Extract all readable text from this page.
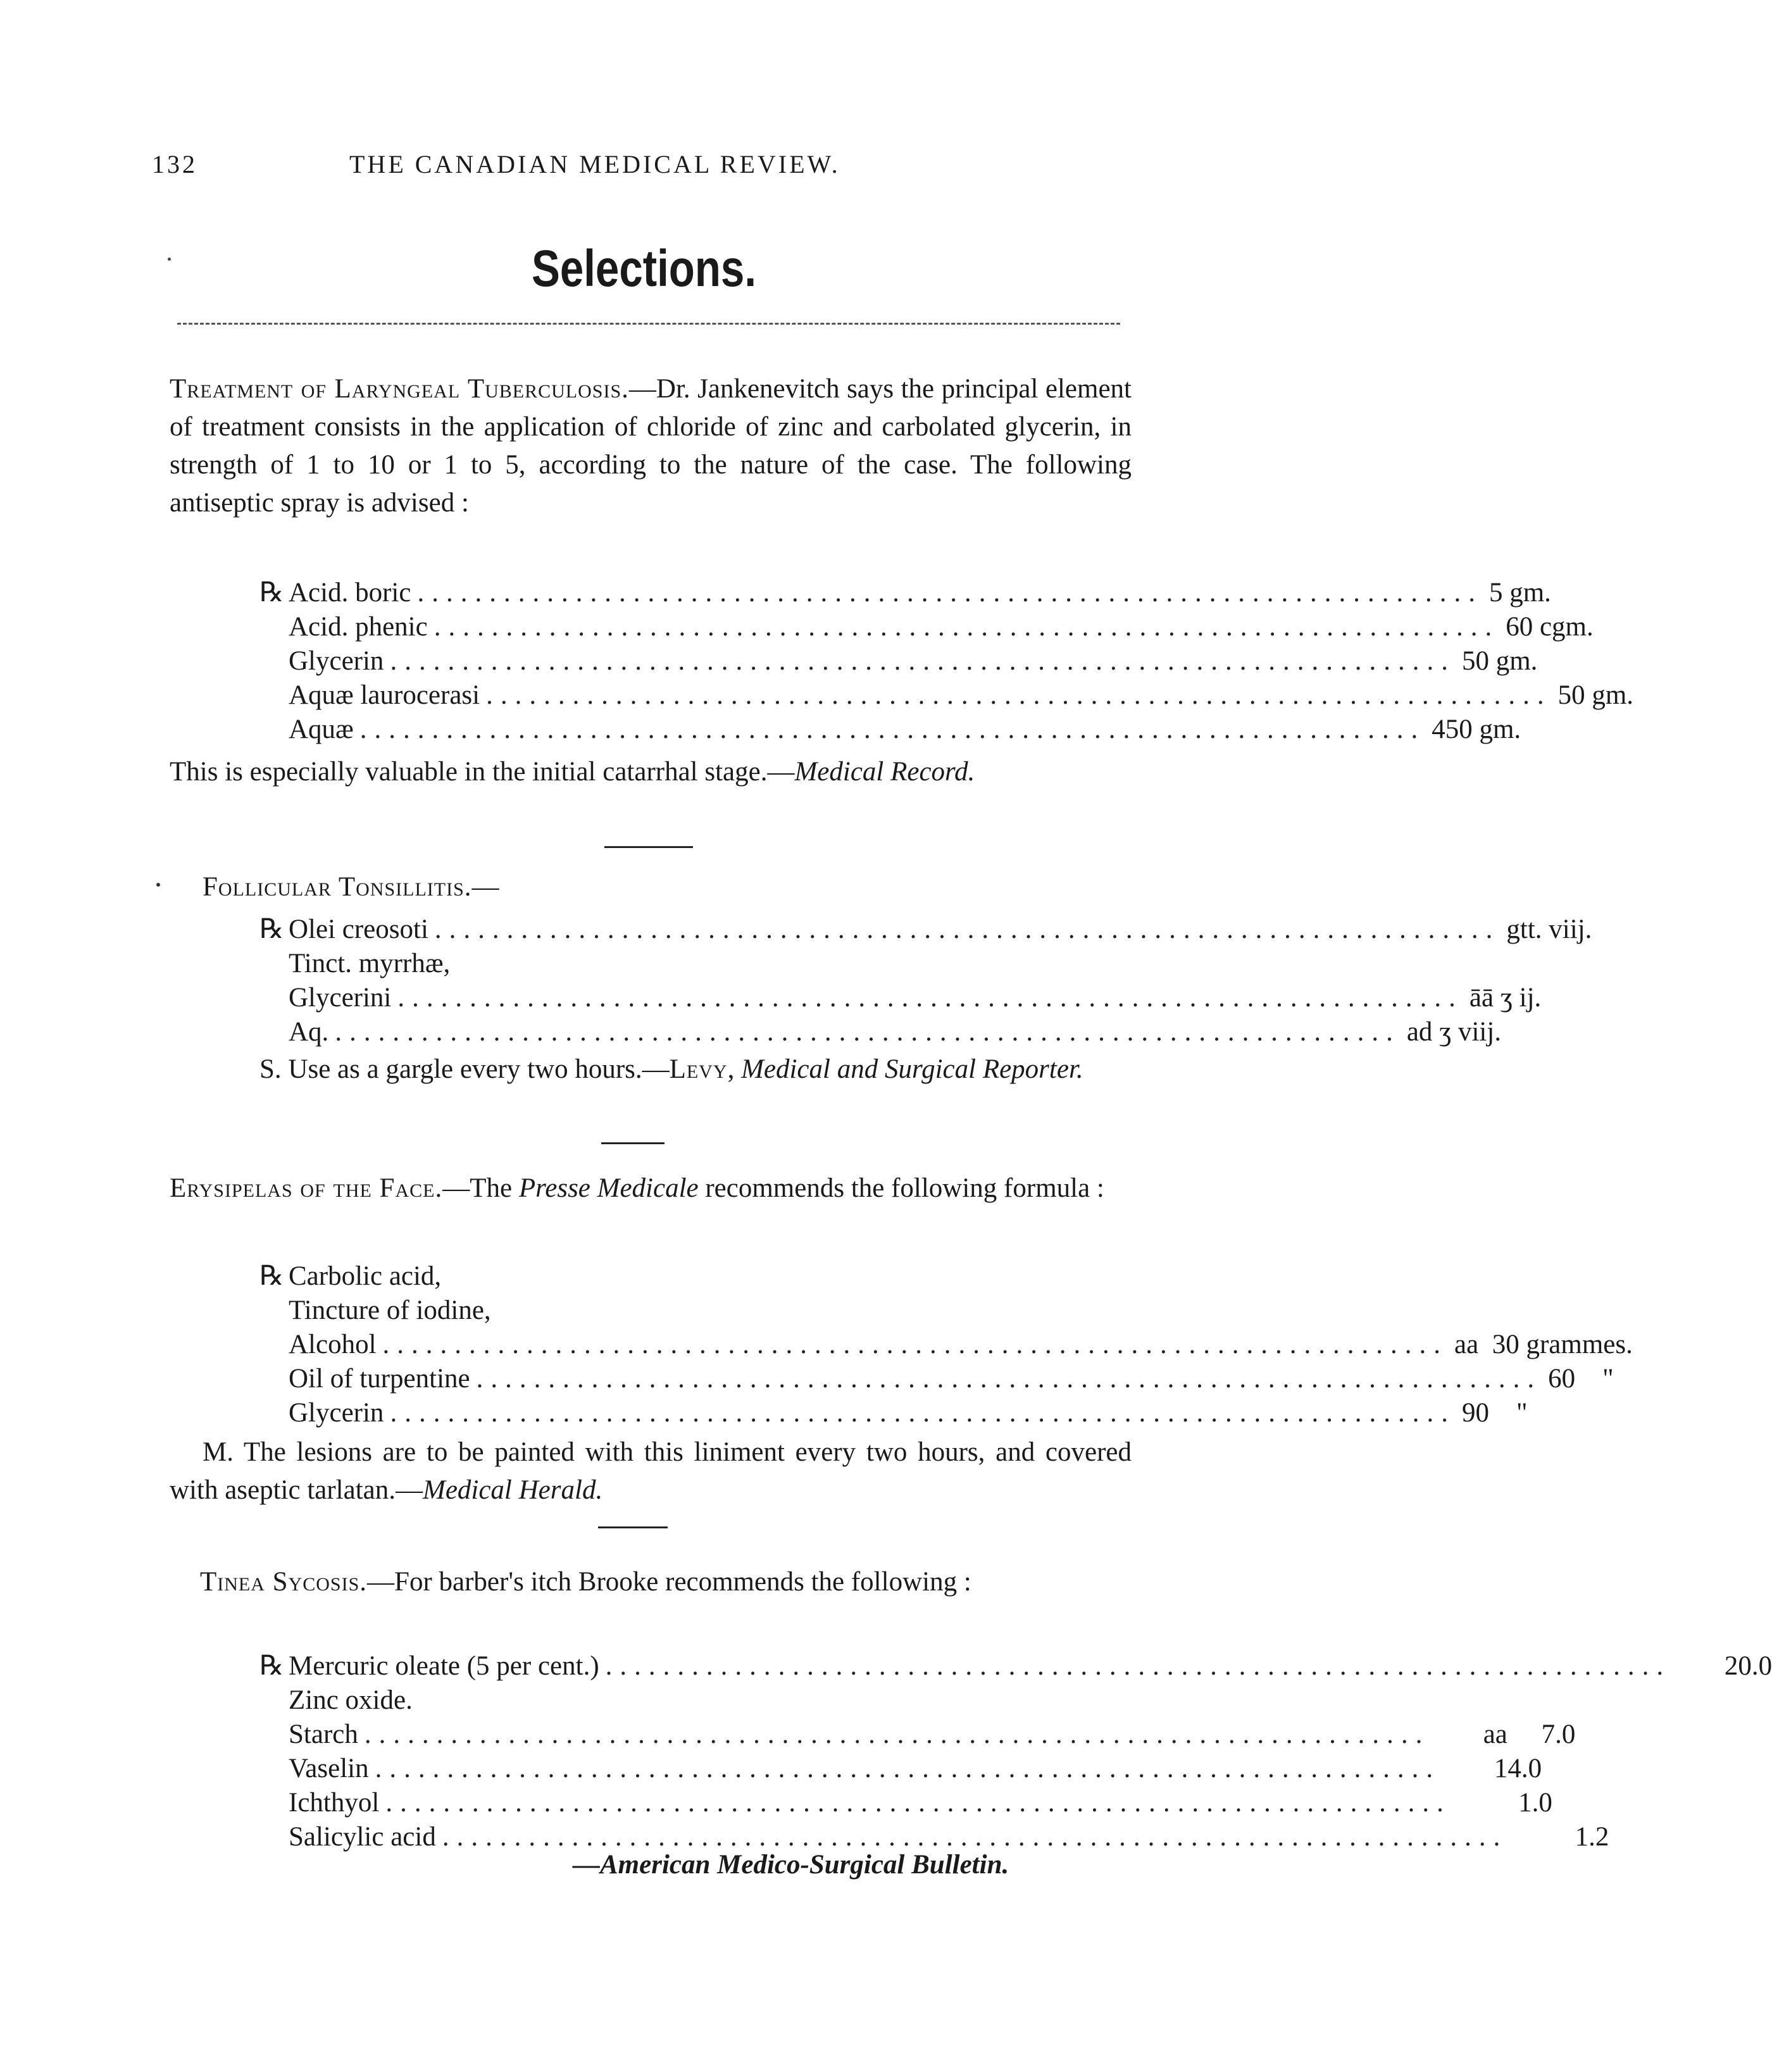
132	THE CANADIAN MEDICAL REVIEW.
Selections.
Treatment of Laryngeal Tuberculosis.—Dr. Jankenevitch says the principal element of treatment consists in the application of chloride of zinc and carbolated glycerin, in strength of 1 to 10 or 1 to 5, according to the nature of the case. The following antiseptic spray is advised :
℞ Acid. boric .......................................................................... 5 gm.
Acid. phenic .......................................................................... 60 cgm.
Glycerin .......................................................................... 50 gm.
Aquæ laurocerasi .......................................................................... 50 gm.
Aquæ .......................................................................... 450 gm.
This is especially valuable in the initial catarrhal stage.—Medical Record.
Follicular Tonsillitis.—
℞ Olei creosoti .......................................................................... gtt. viij.
Tinct. myrrhæ,
Glycerini .......................................................................... āā ʒ ij.
Aq. .......................................................................... ad ʒ viij.
S. Use as a gargle every two hours.—Levy, Medical and Surgical Reporter.
Erysipelas of the Face.—The Presse Medicale recommends the following formula :
℞ Carbolic acid,
Tincture of iodine,
Alcohol .......................................................................... aa  30 grammes.
Oil of turpentine .......................................................................... 60    "
Glycerin .......................................................................... 90    "
M. The lesions are to be painted with this liniment every two hours, and covered with aseptic tarlatan.—Medical Herald.
Tinea Sycosis.—For barber's itch Brooke recommends the following :
℞ Mercuric oleate (5 per cent.) ..........................................................................	20.0
Zinc oxide.
Starch ..........................................................................	aa     7.0
Vaselin ..........................................................................	14.0
Ichthyol ..........................................................................	1.0
Salicylic acid ..........................................................................	1.2
—American Medico-Surgical Bulletin.
